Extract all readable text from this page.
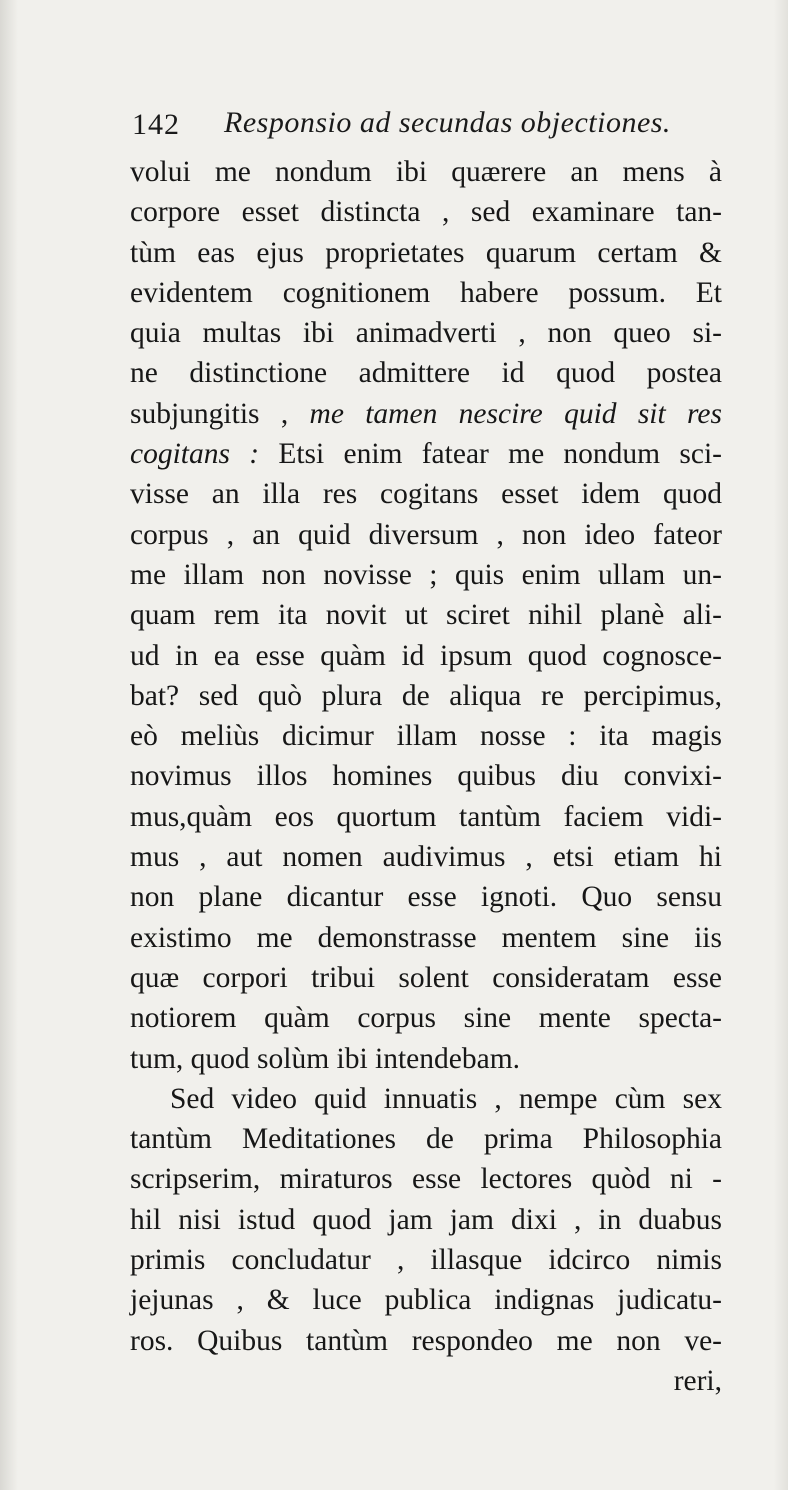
142 Responsio ad secundas objectiones.
volui me nondum ibi quærere an mens à
corpore esset distincta , sed examinare tan-
tùm eas ejus proprietates quarum certam &
evidentem cognitionem habere possum. Et
quia multas ibi animadverti , non queo si-
ne distinctione admittere id quod postea
subjungitis , me tamen nescire quid sit res
cogitans : Etsi enim fatear me nondum sci-
visse an illa res cogitans esset idem quod
corpus , an quid diversum , non ideo fateor
me illam non novisse ; quis enim ullam un-
quam rem ita novit ut sciret nihil planè ali-
ud in ea esse quàm id ipsum quod cognosce-
bat? sed quò plura de aliqua re percipimus,
eò meliùs dicimur illam nosse : ita magis
novimus illos homines quibus diu convixi-
mus,quàm eos quortum tantùm faciem vidi-
mus , aut nomen audivimus , etsi etiam hi
non plane dicantur esse ignoti. Quo sensu
existimo me demonstrasse mentem sine iis
quæ corpori tribui solent consideratam esse
notiorem quàm corpus sine mente specta-
tum, quod solùm ibi intendebam.
Sed video quid innuatis , nempe cùm sex
tantùm Meditationes de prima Philosophia
scripserim, miraturos esse lectores quòd ni -
hil nisi istud quod jam jam dixi , in duabus
primis concludatur , illasque idcirco nimis
jejunas , & luce publica indignas judicatu-
ros. Quibus tantùm respondeo me non ve-
reri,
